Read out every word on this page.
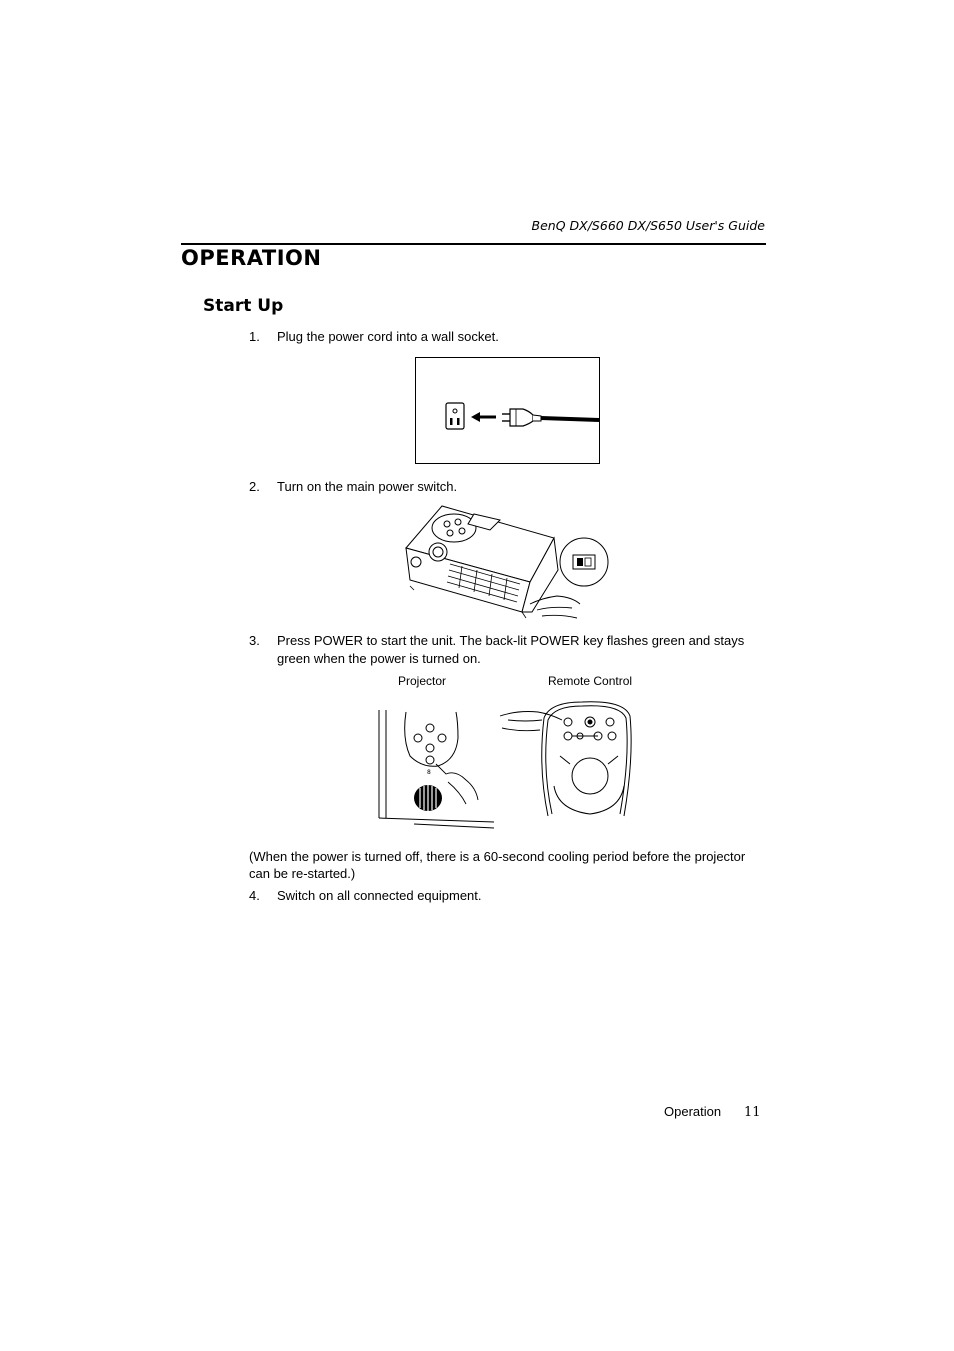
BenQ DX/S660 DX/S650 User's Guide
OPERATION
Start Up
1. Plug the power cord into a wall socket.
2. Turn on the main power switch.
3. Press POWER to start the unit. The back-lit POWER key flashes green and stays green when the power is turned on.
Projector	Remote Control
8
(When the power is turned off, there is a 60-second cooling period before the projector can be re-started.)
4. Switch on all connected equipment.
Operation 11
